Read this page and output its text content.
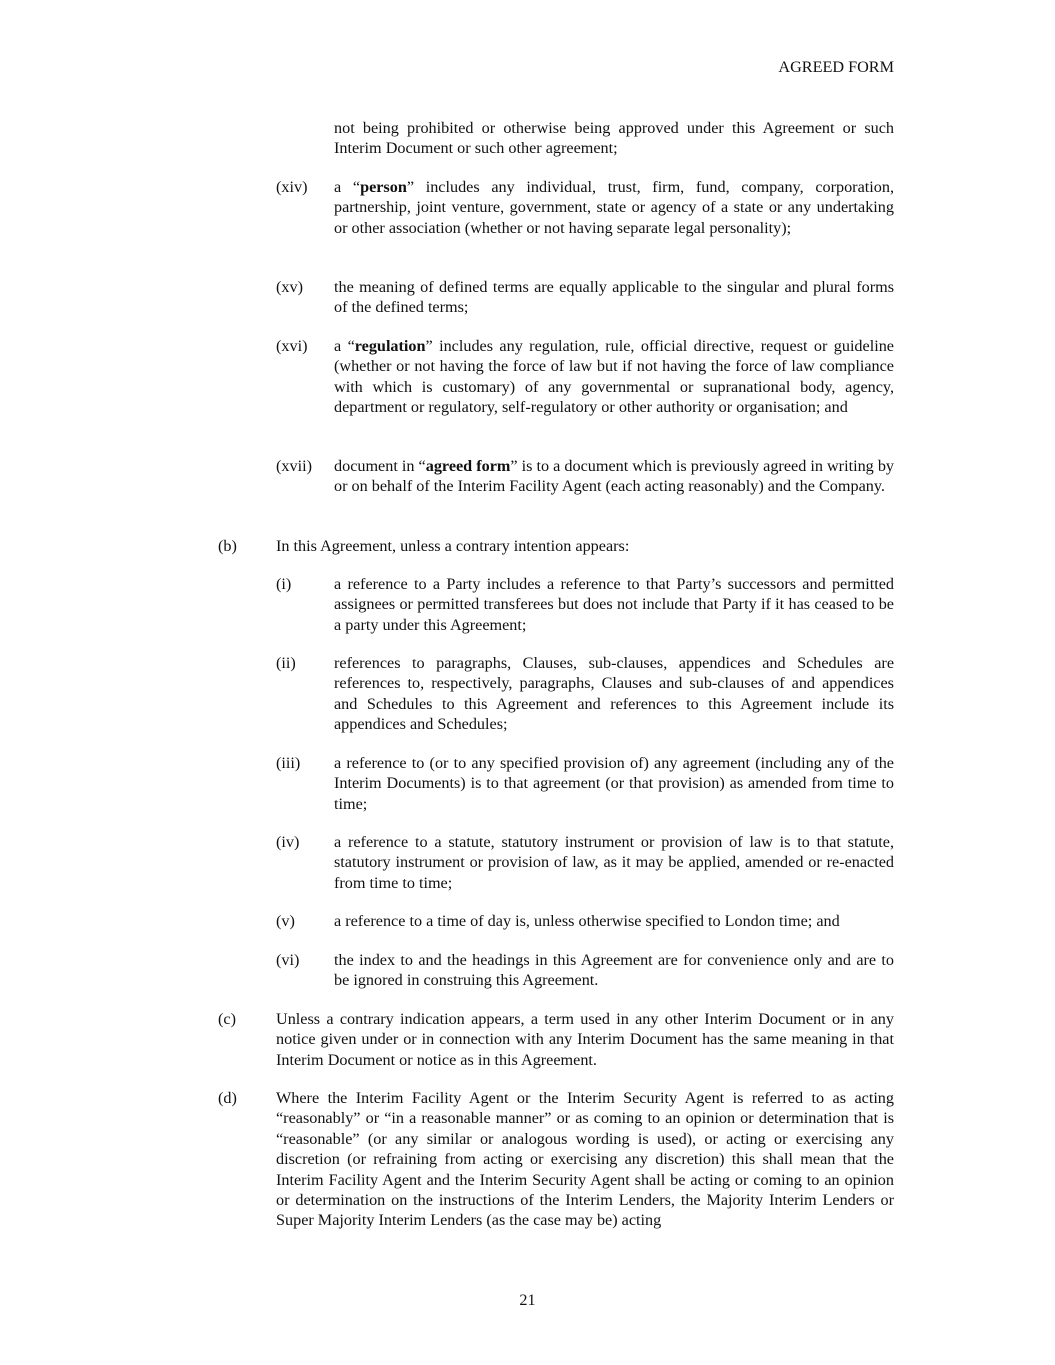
AGREED FORM
not being prohibited or otherwise being approved under this Agreement or such Interim Document or such other agreement;
(xiv) a “person” includes any individual, trust, firm, fund, company, corporation, partnership, joint venture, government, state or agency of a state or any undertaking or other association (whether or not having separate legal personality);
(xv) the meaning of defined terms are equally applicable to the singular and plural forms of the defined terms;
(xvi) a “regulation” includes any regulation, rule, official directive, request or guideline (whether or not having the force of law but if not having the force of law compliance with which is customary) of any governmental or supranational body, agency, department or regulatory, self-regulatory or other authority or organisation; and
(xvii) document in “agreed form” is to a document which is previously agreed in writing by or on behalf of the Interim Facility Agent (each acting reasonably) and the Company.
(b) In this Agreement, unless a contrary intention appears:
(i)	a reference to a Party includes a reference to that Party’s successors and permitted assignees or permitted transferees but does not include that Party if it has ceased to be a party under this Agreement;
(ii) references to paragraphs, Clauses, sub-clauses, appendices and Schedules are references to, respectively, paragraphs, Clauses and sub-clauses of and appendices and Schedules to this Agreement and references to this Agreement include its appendices and Schedules;
(iii) a reference to (or to any specified provision of) any agreement (including any of the Interim Documents) is to that agreement (or that provision) as amended from time to time;
(iv) a reference to a statute, statutory instrument or provision of law is to that statute, statutory instrument or provision of law, as it may be applied, amended or re-enacted from time to time;
(v) a reference to a time of day is, unless otherwise specified to London time; and
(vi) the index to and the headings in this Agreement are for convenience only and are to be ignored in construing this Agreement.
(c) Unless a contrary indication appears, a term used in any other Interim Document or in any notice given under or in connection with any Interim Document has the same meaning in that Interim Document or notice as in this Agreement.
(d) Where the Interim Facility Agent or the Interim Security Agent is referred to as acting “reasonably” or “in a reasonable manner” or as coming to an opinion or determination that is “reasonable” (or any similar or analogous wording is used), or acting or exercising any discretion (or refraining from acting or exercising any discretion) this shall mean that the Interim Facility Agent and the Interim Security Agent shall be acting or coming to an opinion or determination on the instructions of the Interim Lenders, the Majority Interim Lenders or Super Majority Interim Lenders (as the case may be) acting
21
